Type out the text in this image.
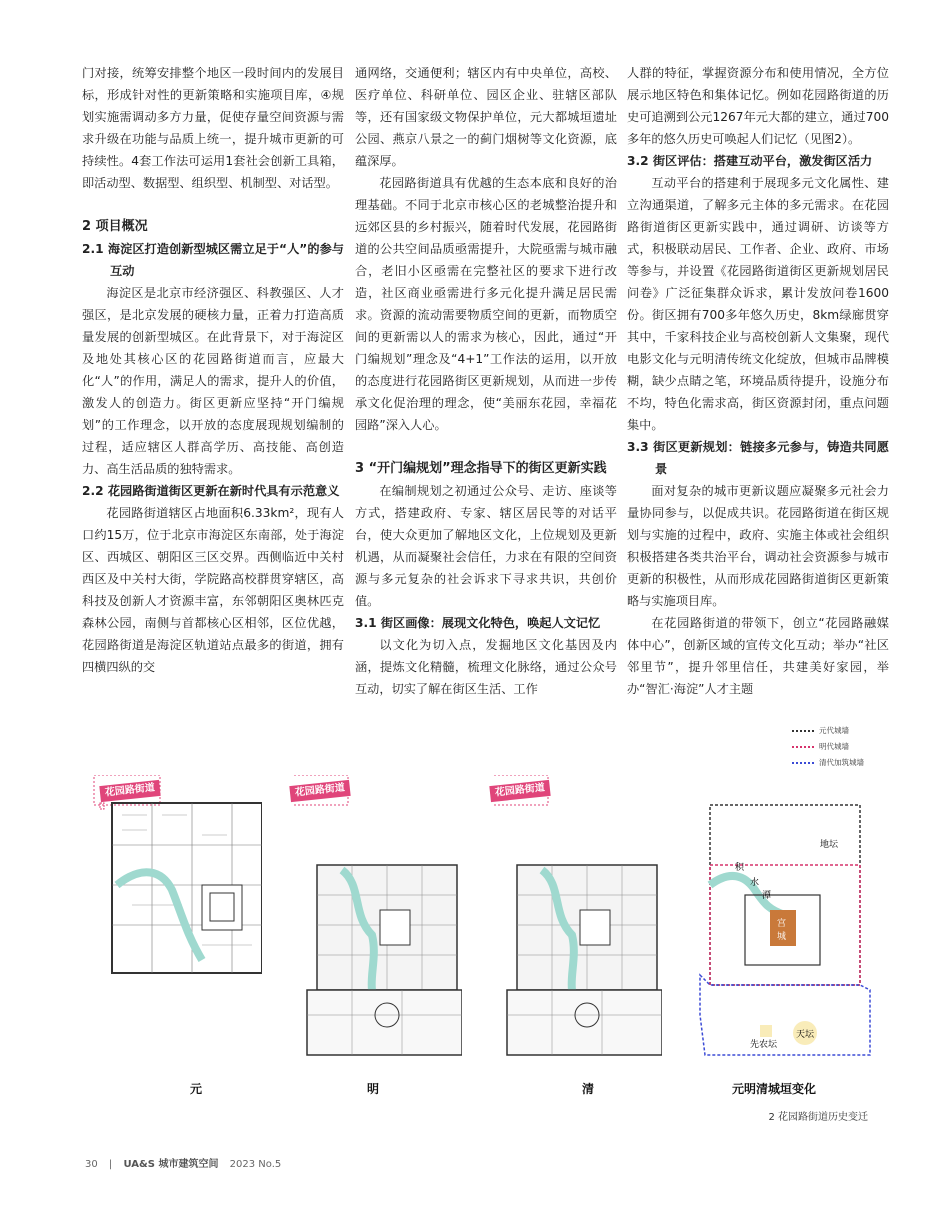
门对接，统筹安排整个地区一段时间内的发展目标，形成针对性的更新策略和实施项目库，④规划实施需调动多方力量，促使存量空间资源与需求升级在功能与品质上统一，提升城市更新的可持续性。4套工作法可运用1套社会创新工具箱，即活动型、数据型、组织型、机制型、对话型。

2 项目概况
2.1 海淀区打造创新型城区需立足于“人”的参与互动

海淀区是北京市经济强区、科教强区、人才强区，是北京发展的硬核力量，正着力打造高质量发展的创新型城区。在此背景下，对于海淀区及地处其核心区的花园路街道而言，应最大化“人”的作用，满足人的需求，提升人的价值，激发人的创造力。街区更新应坚持“开门编规划”的工作理念，以开放的态度展现规划编制的过程，适应辖区人群高学历、高技能、高创造力、高生活品质的独特需求。

2.2 花园路街道街区更新在新时代具有示范意义

花园路街道辖区占地面积6.33km²，现有人口约15万，位于北京市海淀区东南部，处于海淀区、西城区、朝阳区三区交界。西侧临近中关村西区及中关村大街，学院路高校群贯穿辖区，高科技及创新人才资源丰富，东邻朝阳区奥林匹克森林公园，南侧与首都核心区相邻，区位优越，花园路街道是海淀区轨道站点最多的街道，拥有四横四纵的交

通网络，交通便利；辖区内有中央单位，高校、医疗单位、科研单位、园区企业、驻辖区部队等，还有国家级文物保护单位，元大都城垣遗址公园、燕京八景之一的蓟门烟树等文化资源，底蕴深厚。

花园路街道具有优越的生态本底和良好的治理基础。不同于北京市核心区的老城整治提升和远郊区县的乡村振兴，随着时代发展，花园路街道的公共空间品质亟需提升，大院亟需与城市融合，老旧小区亟需在完整社区的要求下进行改造，社区商业亟需进行多元化提升满足居民需求。资源的流动需要物质空间的更新，而物质空间的更新需以人的需求为核心，因此，通过“开门编规划”理念及“4+1”工作法的运用，以开放的态度进行花园路街区更新规划，从而进一步传承文化促治理的理念，使“美丽东花园，幸福花园路”深入人心。

3 “开门编规划”理念指导下的街区更新实践

在编制规划之初通过公众号、走访、座谈等方式，搭建政府、专家、辖区居民等的对话平台，使大众更加了解地区文化，上位规划及更新机遇，从而凝聚社会信任，力求在有限的空间资源与多元复杂的社会诉求下寻求共识，共创价值。

3.1 街区画像：展现文化特色，唤起人文记忆

以文化为切入点，发掘地区文化基因及内涵，提炼文化精髓，梳理文化脉络，通过公众号互动，切实了解在街区生活、工作

人群的特征，掌握资源分布和使用情况，全方位展示地区特色和集体记忆。例如花园路街道的历史可追溯到公元1267年元大都的建立，通过700多年的悠久历史可唤起人们记忆（见图2）。

3.2 街区评估：搭建互动平台，激发街区活力

互动平台的搭建利于展现多元文化属性、建立沟通渠道，了解多元主体的多元需求。在花园路街道街区更新实践中，通过调研、访谈等方式，积极联动居民、工作者、企业、政府、市场等参与，并设置《花园路街道街区更新规划居民问卷》广泛征集群众诉求，累计发放问卷1600份。街区拥有700多年悠久历史，8km绿廊贯穿其中，千家科技企业与高校创新人文集聚，现代电影文化与元明清传统文化绽放，但城市品牌模糊，缺少点睛之笔，环境品质待提升，设施分布不均，特色化需求高，街区资源封闭，重点问题集中。

3.3 街区更新规划：链接多元参与，铸造共同愿景

面对复杂的城市更新议题应凝聚多元社会力量协同参与，以促成共识。花园路街道在街区规划与实施的过程中，政府、实施主体或社会组织积极搭建各类共治平台，调动社会资源参与城市更新的积极性，从而形成花园路街道街区更新策略与实施项目库。

在花园路街道的带领下，创立“花园路融媒体中心”，创新区域的宣传文化互动；举办“社区邻里节”，提升邻里信任，共建美好家园，举办“智汇·海淀”人才主题

元代城墙
明代城墙
清代加筑城墙
花园路街道	花园路街道	花园路街道
地坛
积
水
潭
宫
城
先农坛
天坛
元	明	清	元明清城垣变化
2 花园路街道历史变迁
30 | UA&S 城市建筑空间 2023 No.5
